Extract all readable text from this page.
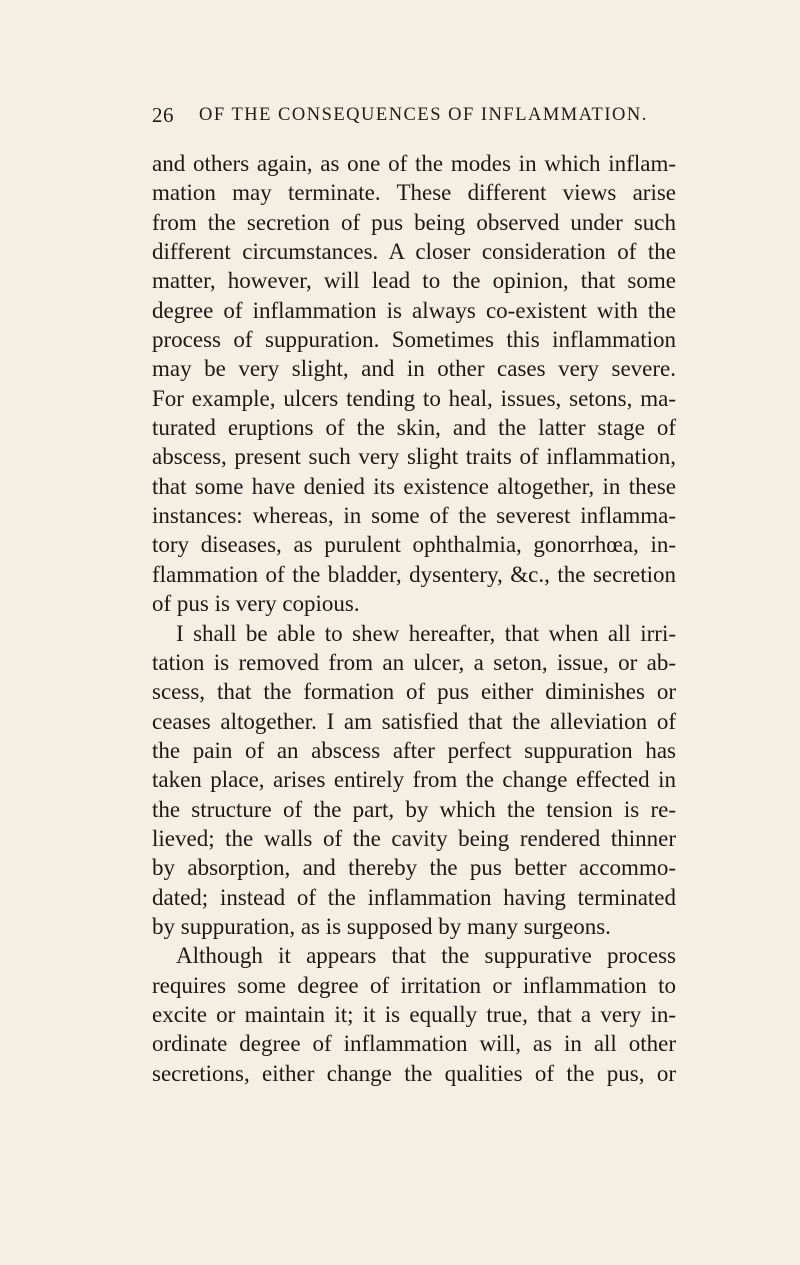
26 OF THE CONSEQUENCES OF INFLAMMATION.
and others again, as one of the modes in which inflam-
mation may terminate. These different views arise
from the secretion of pus being observed under such
different circumstances. A closer consideration of the
matter, however, will lead to the opinion, that some
degree of inflammation is always co-existent with the
process of suppuration. Sometimes this inflammation
may be very slight, and in other cases very severe.
For example, ulcers tending to heal, issues, setons, ma-
turated eruptions of the skin, and the latter stage of
abscess, present such very slight traits of inflammation,
that some have denied its existence altogether, in these
instances: whereas, in some of the severest inflamma-
tory diseases, as purulent ophthalmia, gonorrhœa, in-
flammation of the bladder, dysentery, &c., the secretion
of pus is very copious.
I shall be able to shew hereafter, that when all irri-
tation is removed from an ulcer, a seton, issue, or ab-
scess, that the formation of pus either diminishes or
ceases altogether. I am satisfied that the alleviation of
the pain of an abscess after perfect suppuration has
taken place, arises entirely from the change effected in
the structure of the part, by which the tension is re-
lieved; the walls of the cavity being rendered thinner
by absorption, and thereby the pus better accommo-
dated; instead of the inflammation having terminated
by suppuration, as is supposed by many surgeons.
Although it appears that the suppurative process
requires some degree of irritation or inflammation to
excite or maintain it; it is equally true, that a very in-
ordinate degree of inflammation will, as in all other
secretions, either change the qualities of the pus, or
